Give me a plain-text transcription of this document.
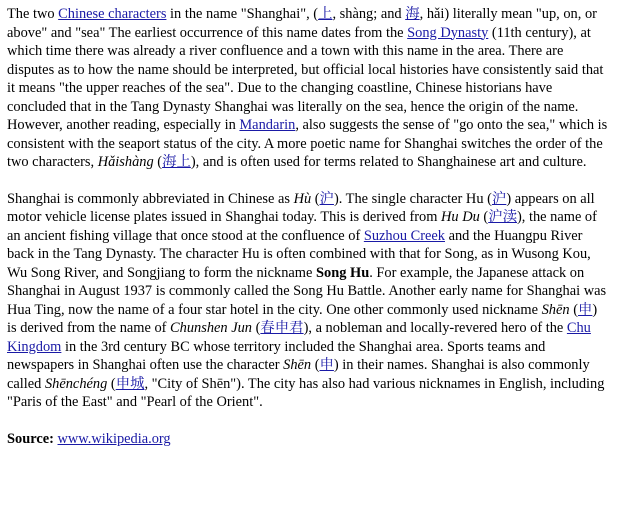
The two Chinese characters in the name "Shanghai", (上, shàng; and 海, hǎi) literally mean "up, on, or above" and "sea" The earliest occurrence of this name dates from the Song Dynasty (11th century), at which time there was already a river confluence and a town with this name in the area. There are disputes as to how the name should be interpreted, but official local histories have consistently said that it means "the upper reaches of the sea". Due to the changing coastline, Chinese historians have concluded that in the Tang Dynasty Shanghai was literally on the sea, hence the origin of the name. However, another reading, especially in Mandarin, also suggests the sense of "go onto the sea," which is consistent with the seaport status of the city. A more poetic name for Shanghai switches the order of the two characters, Hǎishàng (海上), and is often used for terms related to Shanghainese art and culture.

Shanghai is commonly abbreviated in Chinese as Hù (沪). The single character Hu (沪) appears on all motor vehicle license plates issued in Shanghai today. This is derived from Hu Du (沪渎), the name of an ancient fishing village that once stood at the confluence of Suzhou Creek and the Huangpu River back in the Tang Dynasty. The character Hu is often combined with that for Song, as in Wusong Kou, Wu Song River, and Songjiang to form the nickname Song Hu. For example, the Japanese attack on Shanghai in August 1937 is commonly called the Song Hu Battle. Another early name for Shanghai was Hua Ting, now the name of a four star hotel in the city. One other commonly used nickname Shēn (申) is derived from the name of Chunshen Jun (春申君), a nobleman and locally-revered hero of the Chu Kingdom in the 3rd century BC whose territory included the Shanghai area. Sports teams and newspapers in Shanghai often use the character Shēn (申) in their names. Shanghai is also commonly called Shēnchéng (申城, "City of Shēn"). The city has also had various nicknames in English, including "Paris of the East" and "Pearl of the Orient".

Source: www.wikipedia.org
